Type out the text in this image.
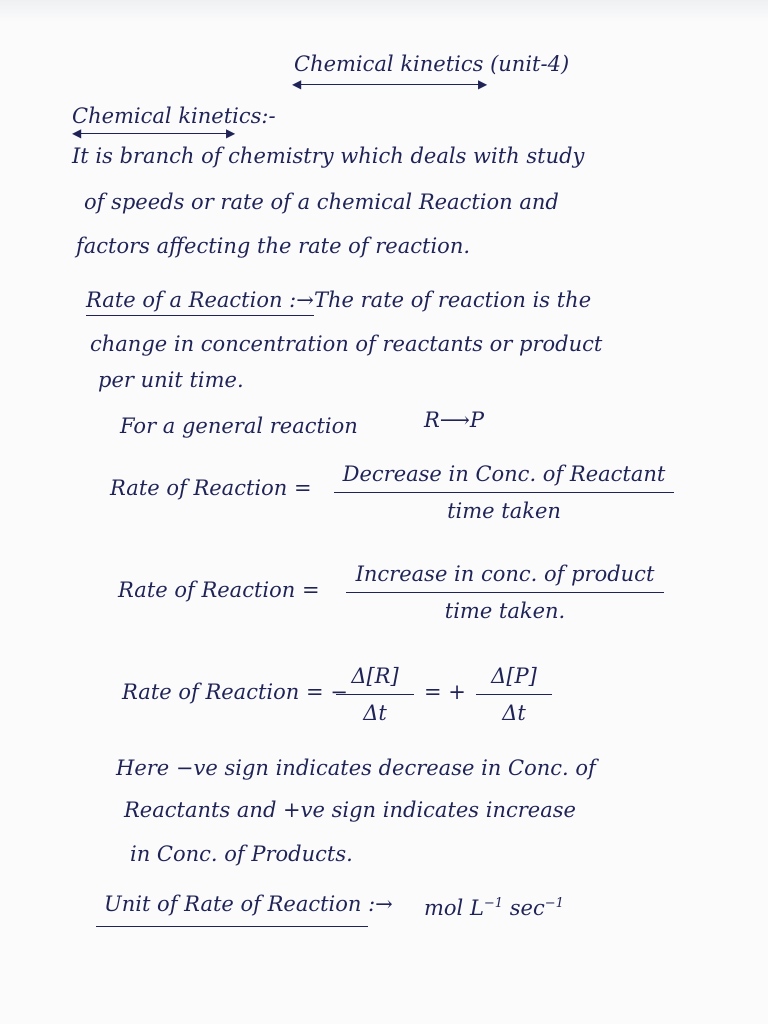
Chemical kinetics (unit-4)
◀	▶
Chemical kinetics:-
◀	▶
It is branch of chemistry which deals with study
of speeds or rate of a chemical Reaction and
factors affecting the rate of reaction.
Rate of a Reaction :→ The rate of reaction is the
change in concentration of reactants or product
per unit time.
For a general reaction	R⟶P
Rate of Reaction =
Decrease in Conc. of Reactant
time taken
Rate of Reaction =
Increase in conc. of product
time taken.
Rate of Reaction = −
$\frac{\Delta[R]}{\Delta t}$ = + $\frac{\Delta[P]}{\Delta t}$
Here −ve sign indicates decrease in Conc. of
Reactants and +ve sign indicates increase
in Conc. of Products.
Unit of Rate of Reaction :→ mol $L^{-1}$ $\sec^{-1}$
